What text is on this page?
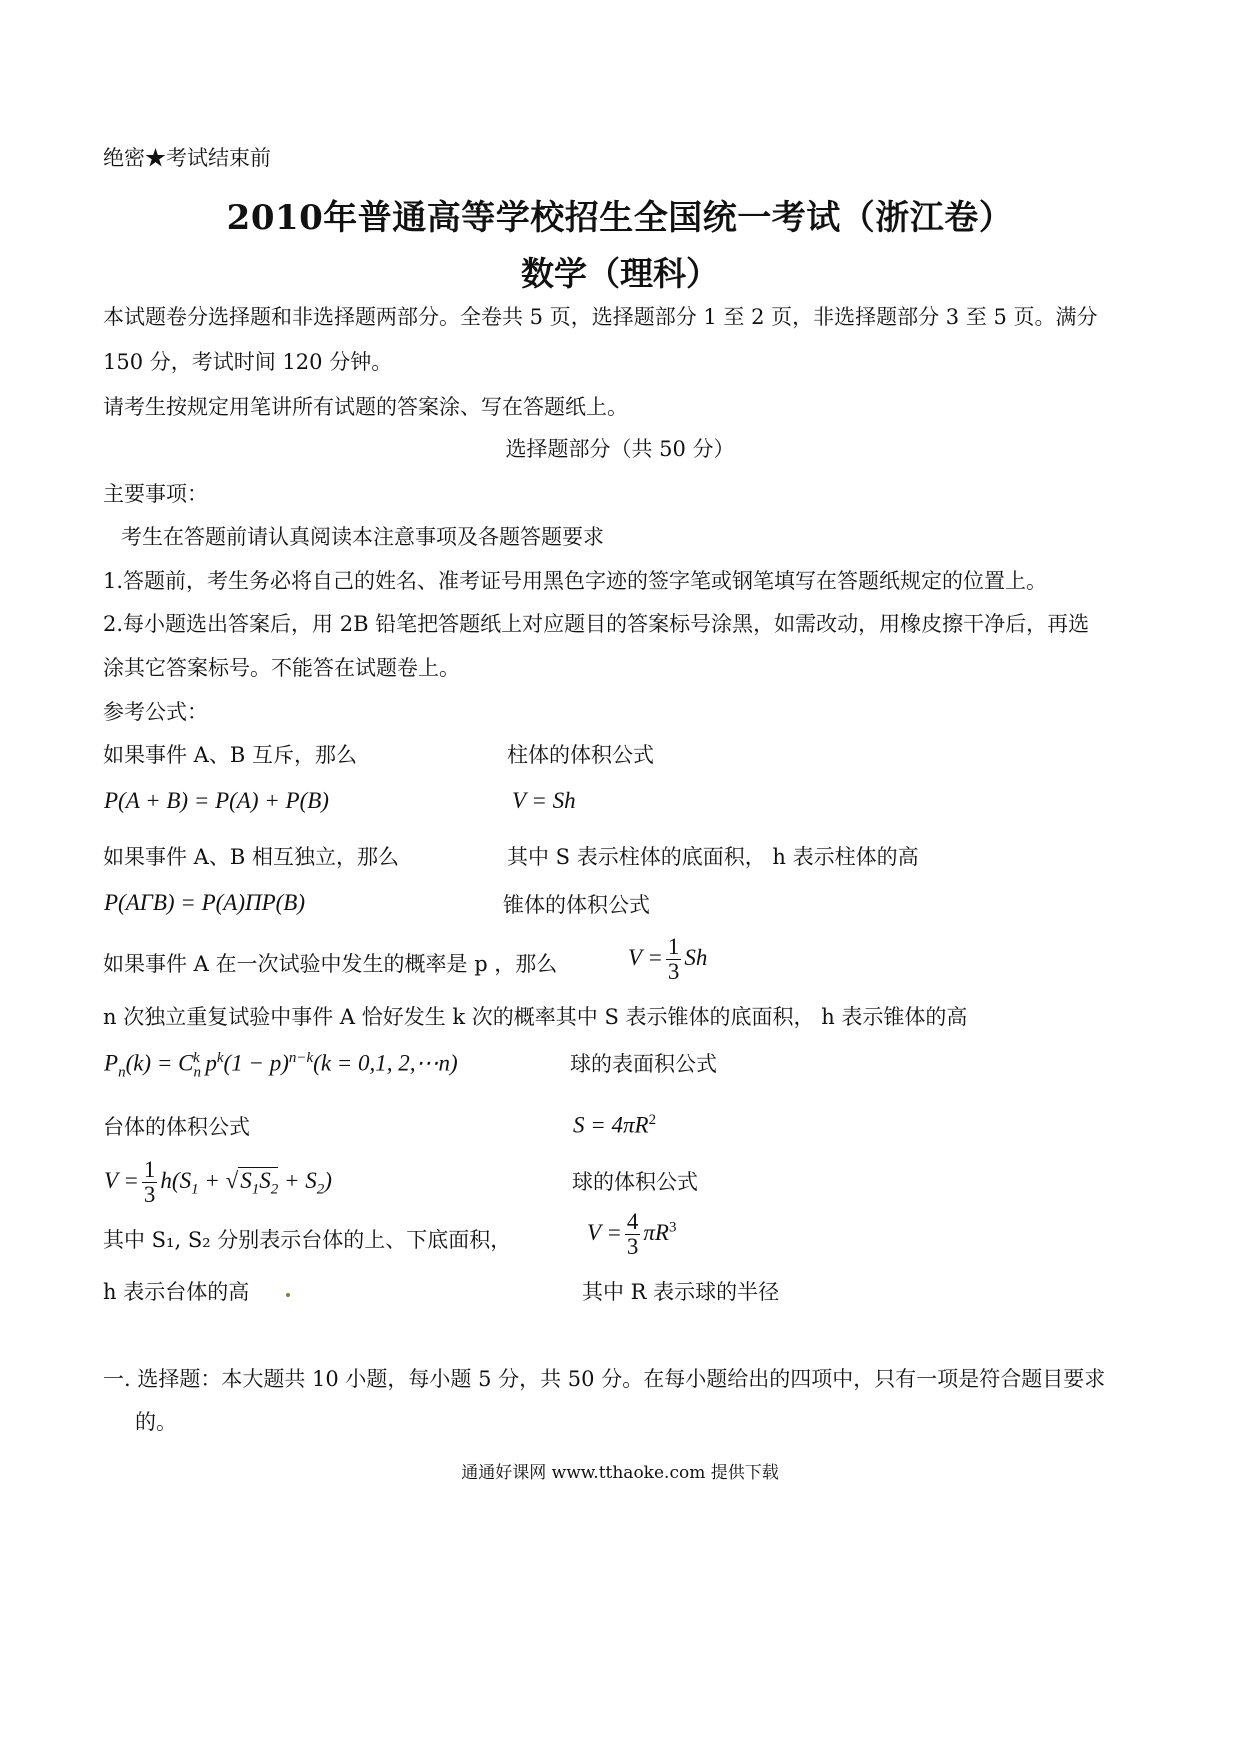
绝密★考试结束前
2010年普通高等学校招生全国统一考试（浙江卷）
数学（理科）
本试题卷分选择题和非选择题两部分。全卷共 5 页，选择题部分 1 至 2 页，非选择题部分 3 至 5 页。满分
150 分，考试时间 120 分钟。
请考生按规定用笔讲所有试题的答案涂、写在答题纸上。
选择题部分（共 50 分）
主要事项：
考生在答题前请认真阅读本注意事项及各题答题要求
1.答题前，考生务必将自己的姓名、准考证号用黑色字迹的签字笔或钢笔填写在答题纸规定的位置上。
2.每小题选出答案后，用 2B 铅笔把答题纸上对应题目的答案标号涂黑，如需改动，用橡皮擦干净后，再选
涂其它答案标号。不能答在试题卷上。
参考公式：
如果事件 A、B 互斥，那么
P(A + B) = P(A) + P(B)
如果事件 A、B 相互独立，那么
P(AΓB) = P(A)ΠP(B)
如果事件 A 在一次试验中发生的概率是 p ，那么
n 次独立重复试验中事件 A 恰好发生 k 次的概率其中 S 表示锥体的底面积， h 表示锥体的高
$P_n(k) = C_n^k$ $p^k(1 - p)^{n-k}(k = 0,1$, 2,⋯n)
台体的体积公式
$V = \frac{1}{3} h(S_1 + √S_1S_2 + S_2)$
其中 S₁, S₂ 分别表示台体的上、下底面积，
h 表示台体的高
柱体的体积公式
V = Sh
其中 S 表示柱体的底面积， h 表示柱体的高
锥体的体积公式
$V = \frac{1}{3}$ Sh
球的表面积公式
$S = 4\pi R^2$
球的体积公式
$V = \frac{4}{3} \pi R^3$
其中 R 表示球的半径
一. 选择题：本大题共 10 小题，每小题 5 分，共 50 分。在每小题给出的四项中，只有一项是符合题目要求
的。
通通好课网 www.tthaoke.com 提供下载
